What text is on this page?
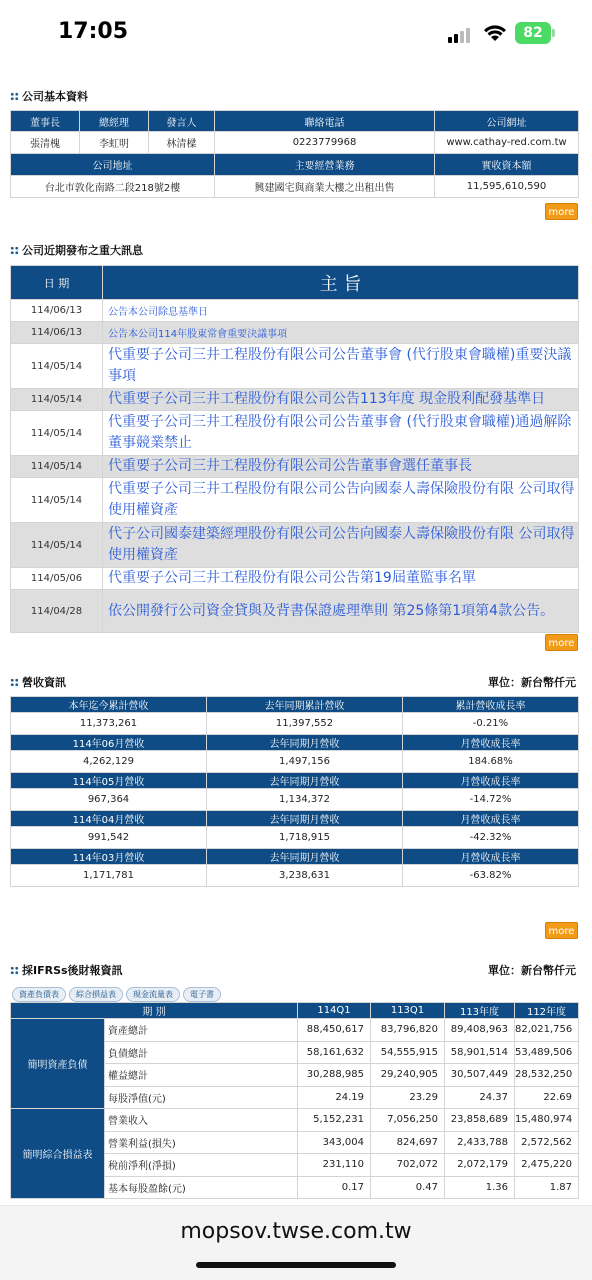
17:05	82
公司基本資料
董事長	總經理	發言人	聯絡電話	公司網址
張清槐	李虹明	林清樑	0223779968	www.cathay-red.com.tw
公司地址			主要經營業務	實收資本額
台北市敦化南路二段218號2樓			興建國宅與商業大樓之出租出售	11,595,610,590
more
公司近期發布之重大訊息
日 期	主 旨
114/06/13	公告本公司除息基準日
114/06/13	公告本公司114年股東常會重要決議事項
114/05/14	代重要子公司三井工程股份有限公司公告董事會 (代行股東會職權)重要決議事項
114/05/14	代重要子公司三井工程股份有限公司公告113年度 現金股利配發基準日
114/05/14	代重要子公司三井工程股份有限公司公告董事會 (代行股東會職權)通過解除董事競業禁止
114/05/14	代重要子公司三井工程股份有限公司公告董事會選任董事長
114/05/14	代重要子公司三井工程股份有限公司公告向國泰人壽保險股份有限 公司取得使用權資產
114/05/14	代子公司國泰建築經理股份有限公司公告向國泰人壽保險股份有限 公司取得使用權資產
114/05/06	代重要子公司三井工程股份有限公司公告第19屆董監事名單
114/04/28	依公開發行公司資金貸與及背書保證處理準則 第25條第1項第4款公告。
more
營收資訊	單位：新台幣仟元
本年迄今累計營收	去年同期累計營收	累計營收成長率
11,373,261	11,397,552	-0.21%
114年06月營收	去年同期月營收	月營收成長率
4,262,129	1,497,156	184.68%
114年05月營收	去年同期月營收	月營收成長率
967,364	1,134,372	-14.72%
114年04月營收	去年同期月營收	月營收成長率
991,542	1,718,915	-42.32%
114年03月營收	去年同期月營收	月營收成長率
1,171,781	3,238,631	-63.82%
more
採IFRSs後財報資訊	單位：新台幣仟元
資產負債表 綜合損益表 現金流量表 電子書
期 別		114Q1	113Q1	113年度	112年度
簡明資產負債	資產總計	88,450,617	83,796,820	89,408,963	82,021,756
	負債總計	58,161,632	54,555,915	58,901,514	53,489,506
	權益總計	30,288,985	29,240,905	30,507,449	28,532,250
	每股淨值(元)	24.19	23.29	24.37	22.69
簡明綜合損益表	營業收入	5,152,231	7,056,250	23,858,689	15,480,974
	營業利益(損失)	343,004	824,697	2,433,788	2,572,562
	稅前淨利(淨損)	231,110	702,072	2,072,179	2,475,220
	基本每股盈餘(元)	0.17	0.47	1.36	1.87
mopsov.twse.com.tw
